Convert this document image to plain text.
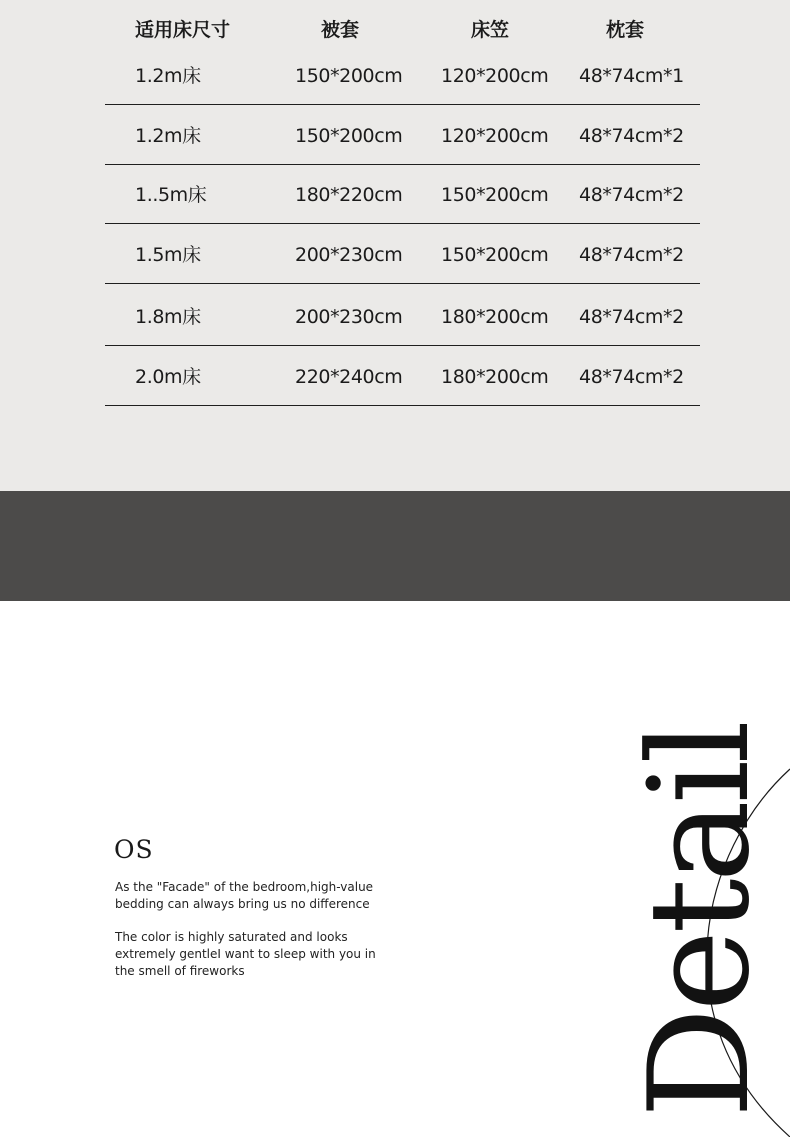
适用床尺寸	被套	床笠	枕套
1.2m床	150*200cm 120*200cm 48*74cm*1
1.2m床	150*200cm 120*200cm 48*74cm*2
1..5m床	180*220cm 150*200cm 48*74cm*2
1.5m床	200*230cm 150*200cm 48*74cm*2
1.8m床	200*230cm 180*200cm 48*74cm*2
2.0m床	220*240cm 180*200cm 48*74cm*2
OS
As the "Facade" of the bedroom,high-value
bedding can always bring us no difference
The color is highly saturated and looks
extremely gentleI want to sleep with you in
the smell of fireworks	Detail
